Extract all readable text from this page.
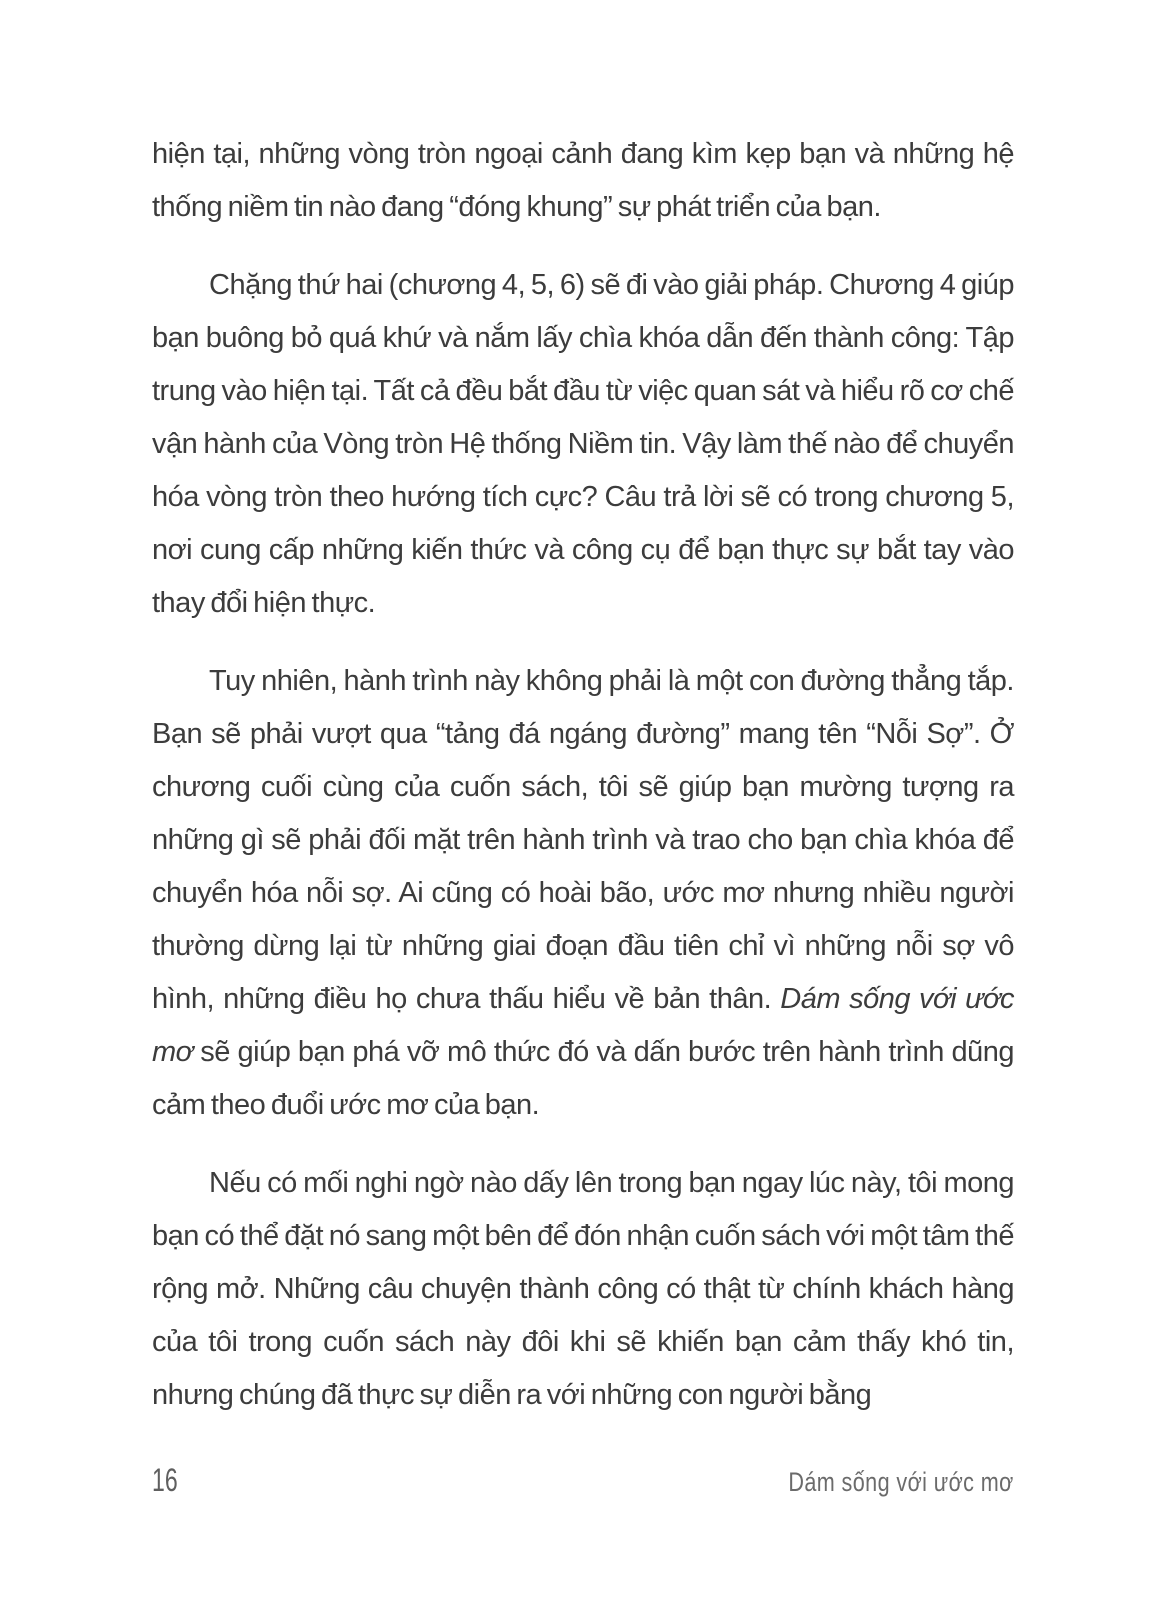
hiện tại, những vòng tròn ngoại cảnh đang kìm kẹp bạn và những hệ thống niềm tin nào đang “đóng khung” sự phát triển của bạn.

Chặng thứ hai (chương 4, 5, 6) sẽ đi vào giải pháp. Chương 4 giúp bạn buông bỏ quá khứ và nắm lấy chìa khóa dẫn đến thành công: Tập trung vào hiện tại. Tất cả đều bắt đầu từ việc quan sát và hiểu rõ cơ chế vận hành của Vòng tròn Hệ thống Niềm tin. Vậy làm thế nào để chuyển hóa vòng tròn theo hướng tích cực? Câu trả lời sẽ có trong chương 5, nơi cung cấp những kiến thức và công cụ để bạn thực sự bắt tay vào thay đổi hiện thực.

Tuy nhiên, hành trình này không phải là một con đường thẳng tắp. Bạn sẽ phải vượt qua “tảng đá ngáng đường” mang tên “Nỗi Sợ”. Ở chương cuối cùng của cuốn sách, tôi sẽ giúp bạn mường tượng ra những gì sẽ phải đối mặt trên hành trình và trao cho bạn chìa khóa để chuyển hóa nỗi sợ. Ai cũng có hoài bão, ước mơ nhưng nhiều người thường dừng lại từ những giai đoạn đầu tiên chỉ vì những nỗi sợ vô hình, những điều họ chưa thấu hiểu về bản thân. Dám sống với ước mơ sẽ giúp bạn phá vỡ mô thức đó và dấn bước trên hành trình dũng cảm theo đuổi ước mơ của bạn.

Nếu có mối nghi ngờ nào dấy lên trong bạn ngay lúc này, tôi mong bạn có thể đặt nó sang một bên để đón nhận cuốn sách với một tâm thế rộng mở. Những câu chuyện thành công có thật từ chính khách hàng của tôi trong cuốn sách này đôi khi sẽ khiến bạn cảm thấy khó tin, nhưng chúng đã thực sự diễn ra với những con người bằng

16	Dám sống với ước mơ
